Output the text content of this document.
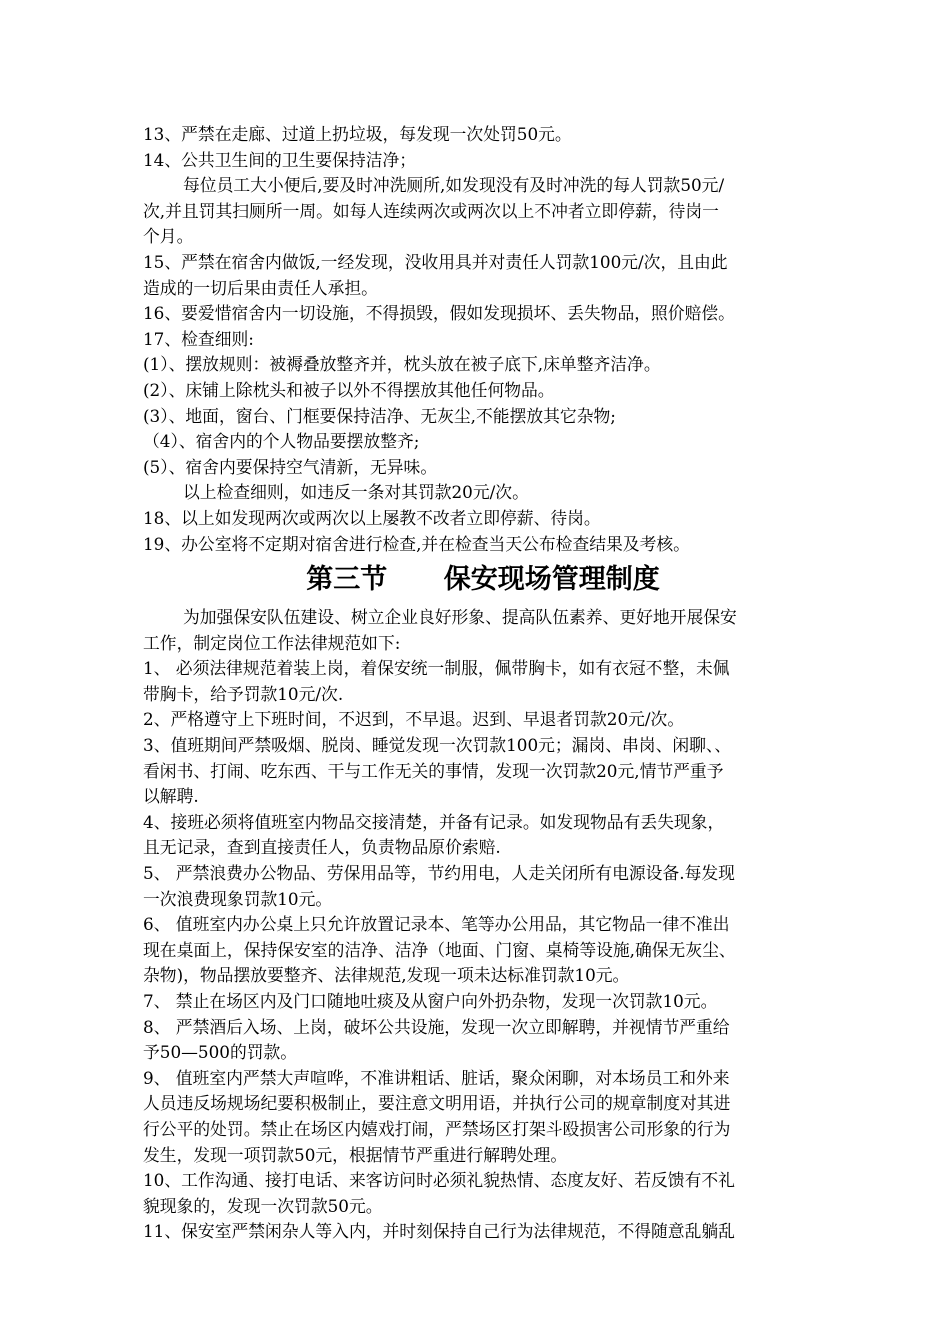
13、严禁在走廊、过道上扔垃圾，每发现一次处罚50元。
14、公共卫生间的卫生要保持洁净；
每位员工大小便后,要及时冲洗厕所,如发现没有及时冲洗的每人罚款50元/
次,并且罚其扫厕所一周。如每人连续两次或两次以上不冲者立即停薪，待岗一
个月。
15、严禁在宿舍内做饭,一经发现，没收用具并对责任人罚款100元/次，且由此
造成的一切后果由责任人承担。
16、要爱惜宿舍内一切设施，不得损毁，假如发现损坏、丢失物品，照价赔偿。
17、检查细则:
(1）、摆放规则：被褥叠放整齐并，枕头放在被子底下,床单整齐洁净。
(2）、床铺上除枕头和被子以外不得摆放其他任何物品。
(3）、地面，窗台、门框要保持洁净、无灰尘,不能摆放其它杂物;
（4）、宿舍内的个人物品要摆放整齐;
(5）、宿舍内要保持空气清新，无异味。
以上检查细则，如违反一条对其罚款20元/次。
18、以上如发现两次或两次以上屡教不改者立即停薪、待岗。
19、办公室将不定期对宿舍进行检查,并在检查当天公布检查结果及考核。
第三节      保安现场管理制度
为加强保安队伍建设、树立企业良好形象、提高队伍素养、更好地开展保安
工作，制定岗位工作法律规范如下:
1、 必须法律规范着装上岗，着保安统一制服，佩带胸卡，如有衣冠不整，未佩
带胸卡，给予罚款10元/次.
2、严格遵守上下班时间，不迟到，不早退。迟到、早退者罚款20元/次。
3、值班期间严禁吸烟、脱岗、睡觉发现一次罚款100元；漏岗、串岗、闲聊、、
看闲书、打闹、吃东西、干与工作无关的事情，发现一次罚款20元,情节严重予
以解聘.
4、接班必须将值班室内物品交接清楚，并备有记录。如发现物品有丢失现象，
且无记录，查到直接责任人，负责物品原价索赔.
5、 严禁浪费办公物品、劳保用品等，节约用电，人走关闭所有电源设备.每发现
一次浪费现象罚款10元。
6、 值班室内办公桌上只允许放置记录本、笔等办公用品，其它物品一律不准出
现在桌面上，保持保安室的洁净、洁净（地面、门窗、桌椅等设施,确保无灰尘、
杂物)，物品摆放要整齐、法律规范,发现一项未达标准罚款10元。
7、 禁止在场区内及门口随地吐痰及从窗户向外扔杂物，发现一次罚款10元。
8、 严禁酒后入场、上岗，破坏公共设施，发现一次立即解聘，并视情节严重给
予50—500的罚款。
9、 值班室内严禁大声喧哗，不准讲粗话、脏话，聚众闲聊，对本场员工和外来
人员违反场规场纪要积极制止，要注意文明用语，并执行公司的规章制度对其进
行公平的处罚。禁止在场区内嬉戏打闹，严禁场区打架斗殴损害公司形象的行为
发生，发现一项罚款50元，根据情节严重进行解聘处理。
10、工作沟通、接打电话、来客访问时必须礼貌热情、态度友好、若反馈有不礼
貌现象的，发现一次罚款50元。
11、保安室严禁闲杂人等入内，并时刻保持自己行为法律规范，不得随意乱躺乱
